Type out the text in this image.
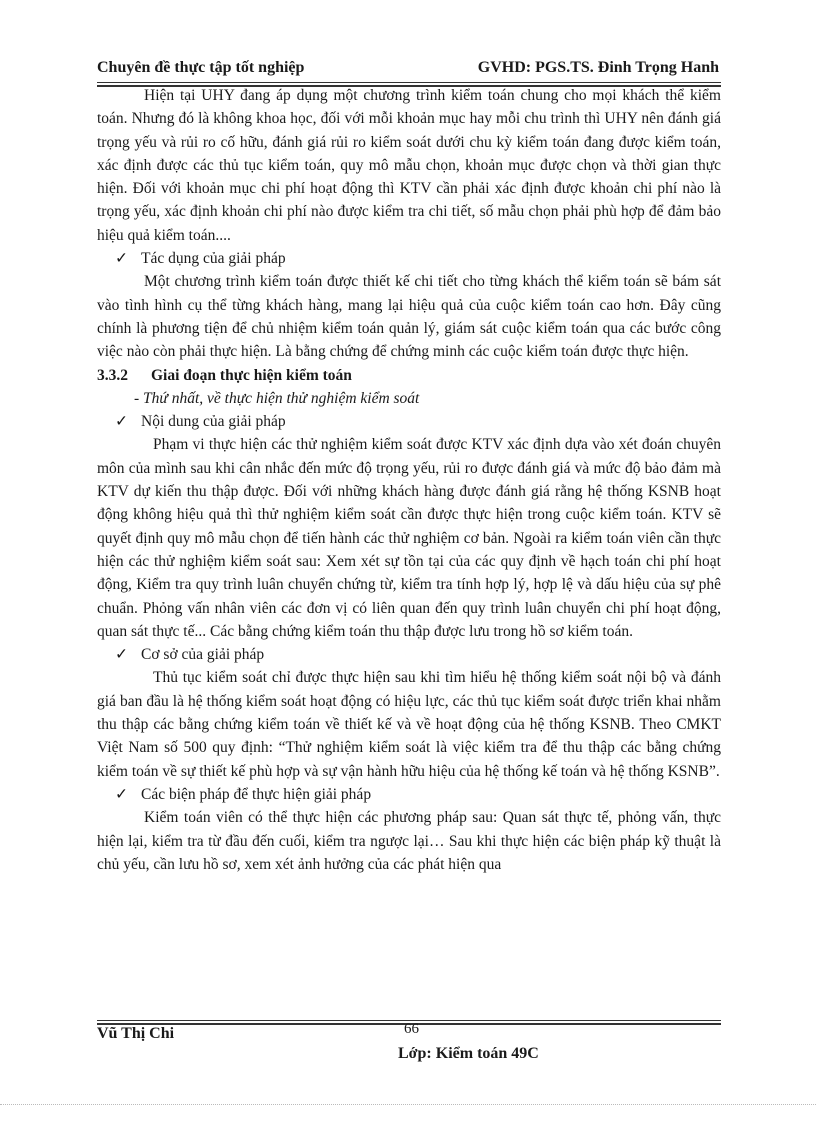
Chuyên đề thực tập tốt nghiệp	GVHD: PGS.TS. Đinh Trọng Hanh

Hiện tại UHY đang áp dụng một chương trình kiểm toán chung cho mọi khách thể kiểm toán. Nhưng đó là không khoa học, đối với mỗi khoản mục hay mỗi chu trình thì UHY nên đánh giá trọng yếu và rủi ro cố hữu, đánh giá rủi ro kiểm soát dưới chu kỳ kiểm toán đang được kiểm toán, xác định được các thủ tục kiểm toán, quy mô mẫu chọn, khoản mục được chọn và thời gian thực hiện. Đối với khoản mục chi phí hoạt động thì KTV cần phải xác định được khoản chi phí nào là trọng yếu, xác định khoản chi phí nào được kiểm tra chi tiết, số mẫu chọn phải phù hợp để đảm bảo hiệu quả kiểm toán....

✓ Tác dụng của giải pháp

Một chương trình kiểm toán được thiết kế chi tiết cho từng khách thể kiểm toán sẽ bám sát vào tình hình cụ thể từng khách hàng, mang lại hiệu quả của cuộc kiểm toán cao hơn. Đây cũng chính là phương tiện để chủ nhiệm kiểm toán quản lý, giám sát cuộc kiểm toán qua các bước công việc nào còn phải thực hiện. Là bằng chứng để chứng minh các cuộc kiểm toán được thực hiện.

3.3.2 Giai đoạn thực hiện kiểm toán

- Thứ nhất, về thực hiện thử nghiệm kiểm soát

✓ Nội dung của giải pháp

Phạm vi thực hiện các thử nghiệm kiểm soát được KTV xác định dựa vào xét đoán chuyên môn của mình sau khi cân nhắc đến mức độ trọng yếu, rủi ro được đánh giá và mức độ bảo đảm mà KTV dự kiến thu thập được. Đối với những khách hàng được đánh giá rằng hệ thống KSNB hoạt động không hiệu quả thì thử nghiệm kiểm soát cần được thực hiện trong cuộc kiểm toán. KTV sẽ quyết định quy mô mẫu chọn để tiến hành các thử nghiệm cơ bản. Ngoài ra kiểm toán viên cần thực hiện các thử nghiệm kiểm soát sau: Xem xét sự tồn tại của các quy định về hạch toán chi phí hoạt động, Kiểm tra quy trình luân chuyển chứng từ, kiểm tra tính hợp lý, hợp lệ và dấu hiệu của sự phê chuẩn. Phỏng vấn nhân viên các đơn vị có liên quan đến quy trình luân chuyển chi phí hoạt động, quan sát thực tế... Các bằng chứng kiểm toán thu thập được lưu trong hồ sơ kiểm toán.

✓ Cơ sở của giải pháp

Thủ tục kiểm soát chỉ được thực hiện sau khi tìm hiểu hệ thống kiểm soát nội bộ và đánh giá ban đầu là hệ thống kiểm soát hoạt động có hiệu lực, các thủ tục kiểm soát được triển khai nhằm thu thập các bằng chứng kiểm toán về thiết kế và về hoạt động của hệ thống KSNB. Theo CMKT Việt Nam số 500 quy định: “Thử nghiệm kiểm soát là việc kiểm tra để thu thập các bằng chứng kiểm toán về sự thiết kế phù hợp và sự vận hành hữu hiệu của hệ thống kế toán và hệ thống KSNB”.

✓ Các biện pháp để thực hiện giải pháp

Kiểm toán viên có thể thực hiện các phương pháp sau: Quan sát thực tế, phỏng vấn, thực hiện lại, kiểm tra từ đầu đến cuối, kiểm tra ngược lại… Sau khi thực hiện các biện pháp kỹ thuật là chủ yếu, cần lưu hồ sơ, xem xét ảnh hưởng của các phát hiện qua

Vũ Thị Chi	66
Lớp: Kiểm toán 49C
